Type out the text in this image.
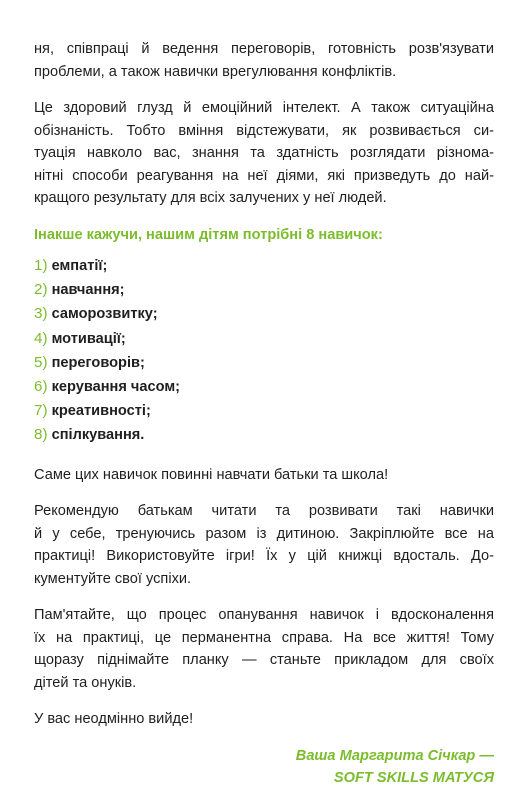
ня, співпраці й ведення переговорів, готовність розв'язувати
проблеми, а також навички врегулювання конфліктів.
Це здоровий глузд й емоційний інтелект. А також ситуаційна
обізнаність. Тобто вміння відстежувати, як розвивається си-
туація навколо вас, знання та здатність розглядати різнома-
нітні способи реагування на неї діями, які призведуть до най-
кращого результату для всіх залучених у неї людей.
Інакше кажучи, нашим дітям потрібні 8 навичок:
1) емпатії;
2) навчання;
3) саморозвитку;
4) мотивації;
5) переговорів;
6) керування часом;
7) креативності;
8) спілкування.
Саме цих навичок повинні навчати батьки та школа!
Рекомендую батькам читати та розвивати такі навички
й у себе, тренуючись разом із дитиною. Закріплюйте все на
практиці! Використовуйте ігри! Їх у цій книжці вдосталь. До-
кументуйте свої успіхи.
Пам'ятайте, що процес опанування навичок і вдосконалення
їх на практиці, це перманентна справа. На все життя! Тому
щоразу піднімайте планку — станьте прикладом для своїх
дітей та онуків.
У вас неодмінно вийде!
Ваша Маргарита Січкар —
SOFT SKILLS МАТУСЯ
